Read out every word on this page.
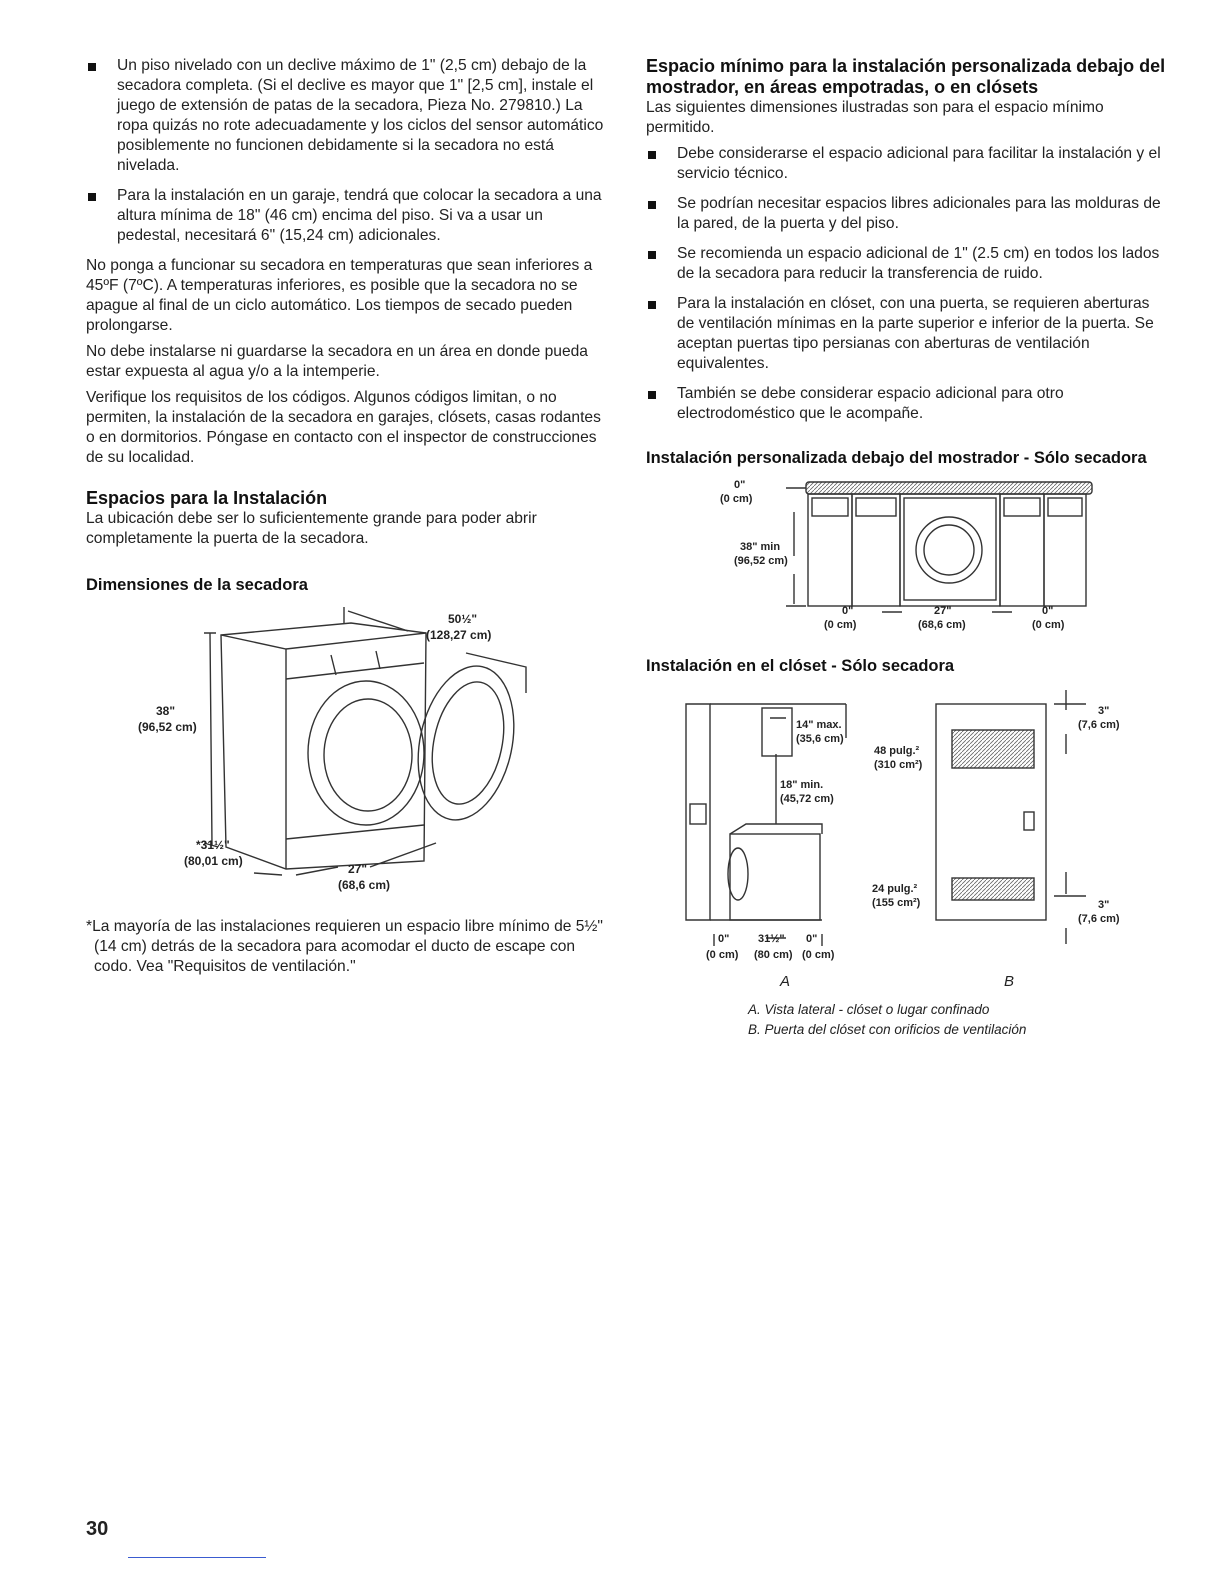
Un piso nivelado con un declive máximo de 1" (2,5 cm) debajo de la secadora completa. (Si el declive es mayor que 1" [2,5 cm], instale el juego de extensión de patas de la secadora, Pieza No. 279810.) La ropa quizás no rote adecuadamente y los ciclos del sensor automático posiblemente no funcionen debidamente si la secadora no está nivelada.
Para la instalación en un garaje, tendrá que colocar la secadora a una altura mínima de 18" (46 cm) encima del piso. Si va a usar un pedestal, necesitará 6" (15,24 cm) adicionales.

No ponga a funcionar su secadora en temperaturas que sean inferiores a 45ºF (7ºC). A temperaturas inferiores, es posible que la secadora no se apague al final de un ciclo automático. Los tiempos de secado pueden prolongarse.

No debe instalarse ni guardarse la secadora en un área en donde pueda estar expuesta al agua y/o a la intemperie.

Verifique los requisitos de los códigos. Algunos códigos limitan, o no permiten, la instalación de la secadora en garajes, clósets, casas rodantes o en dormitorios. Póngase en contacto con el inspector de construcciones de su localidad.

Espacios para la Instalación

La ubicación debe ser lo suficientemente grande para poder abrir completamente la puerta de la secadora.

Dimensiones de la secadora
38"
(96,52 cm)
50½"
(128,27 cm)
*31½"
(80,01 cm)
27"
(68,6 cm)

*La mayoría de las instalaciones requieren un espacio libre mínimo de 5½" (14 cm) detrás de la secadora para acomodar el ducto de escape con codo. Vea "Requisitos de ventilación."

Espacio mínimo para la instalación personalizada debajo del mostrador, en áreas empotradas, o en clósets

Las siguientes dimensiones ilustradas son para el espacio mínimo permitido.

Debe considerarse el espacio adicional para facilitar la instalación y el servicio técnico.
Se podrían necesitar espacios libres adicionales para las molduras de la pared, de la puerta y del piso.
Se recomienda un espacio adicional de 1" (2.5 cm) en todos los lados de la secadora para reducir la transferencia de ruido.
Para la instalación en clóset, con una puerta, se requieren aberturas de ventilación mínimas en la parte superior e inferior de la puerta. Se aceptan puertas tipo persianas con aberturas de ventilación equivalentes.
También se debe considerar espacio adicional para otro electrodoméstico que le acompañe.
Instalación personalizada debajo del mostrador - Sólo secadora
0"
(0 cm)
38" min
(96,52 cm)
0"
(0 cm)
27"
(68,6 cm)
0"
(0 cm)
Instalación en el clóset - Sólo secadora
14" max.
(35,6 cm)
18" min.
(45,72 cm)
48 pulg.²
(310 cm²)
24 pulg.²
(155 cm²)
3"
(7,6 cm)
3"
(7,6 cm)
0"	31½" 0"
(0 cm) (80 cm) (0 cm)
A	B

A. Vista lateral - clóset o lugar confinado

B. Puerta del clóset con orificios de ventilación

30
